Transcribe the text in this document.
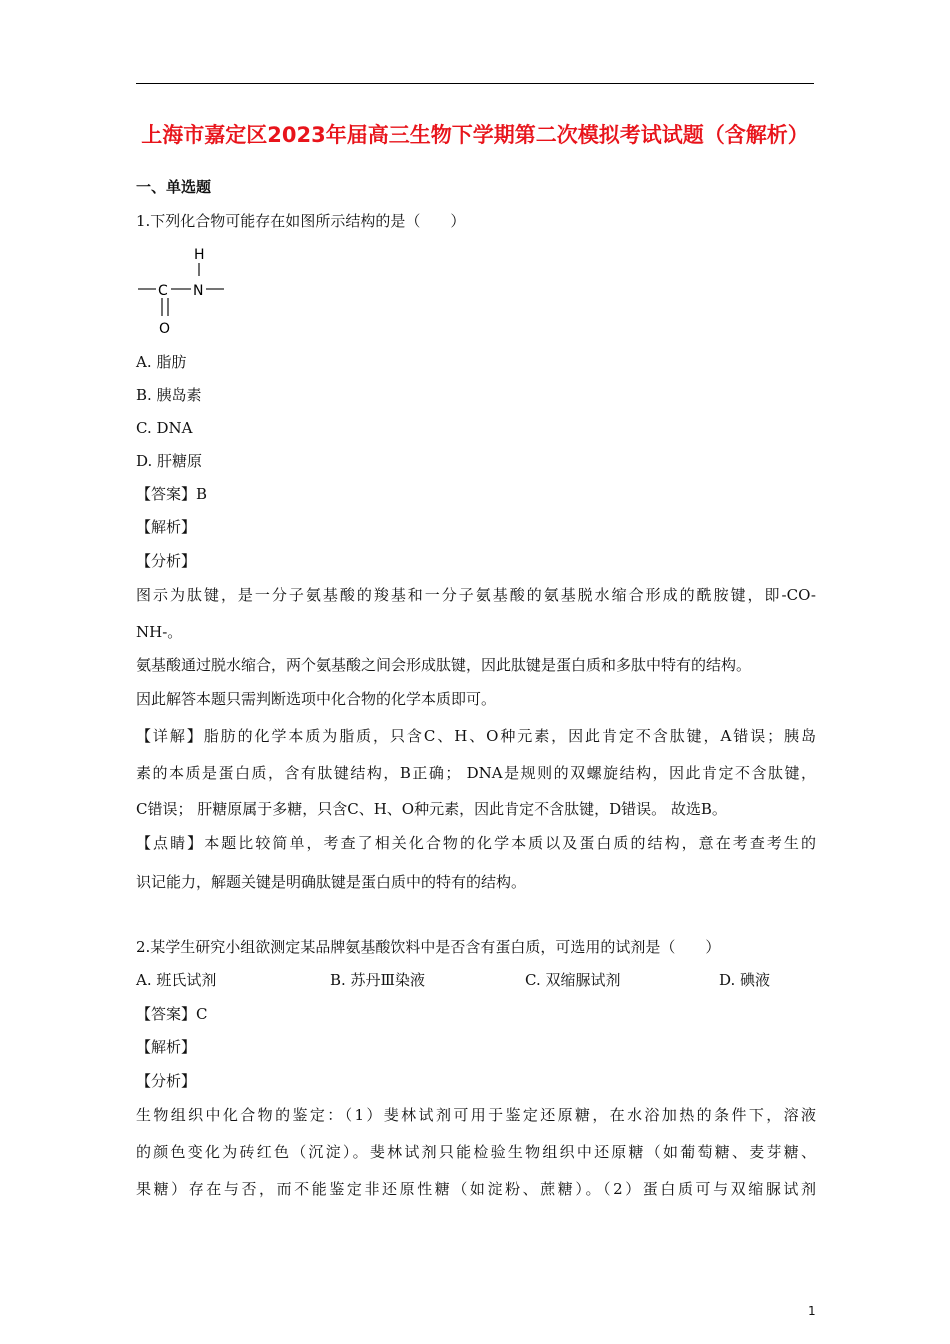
上海市嘉定区2023年届高三生物下学期第二次模拟考试试题（含解析）
一、单选题
1.下列化合物可能存在如图所示结构的是（　　）
H
C N
O
A. 脂肪
B. 胰岛素
C. DNA
D. 肝糖原
【答案】B
【解析】
【分析】
图示为肽键，是一分子氨基酸的羧基和一分子氨基酸的氨基脱水缩合形成的酰胺键，即-CO-
NH-。
氨基酸通过脱水缩合，两个氨基酸之间会形成肽键，因此肽键是蛋白质和多肽中特有的结构。
因此解答本题只需判断选项中化合物的化学本质即可。
【详解】脂肪的化学本质为脂质，只含C、H、O种元素，因此肯定不含肽键，A错误；胰岛
素的本质是蛋白质，含有肽键结构，B正确； DNA是规则的双螺旋结构，因此肯定不含肽键，
C错误； 肝糖原属于多糖，只含C、H、O种元素，因此肯定不含肽键，D错误。 故选B。
【点睛】本题比较简单，考查了相关化合物的化学本质以及蛋白质的结构，意在考查考生的
识记能力，解题关键是明确肽键是蛋白质中的特有的结构。
2.某学生研究小组欲测定某品牌氨基酸饮料中是否含有蛋白质，可选用的试剂是（　　）
A. 班氏试剂	B. 苏丹Ⅲ染液	C. 双缩脲试剂	D. 碘液
【答案】C
【解析】
【分析】
生物组织中化合物的鉴定：（1）斐林试剂可用于鉴定还原糖，在水浴加热的条件下，溶液
的颜色变化为砖红色（沉淀）。斐林试剂只能检验生物组织中还原糖（如葡萄糖、麦芽糖、
果糖）存在与否，而不能鉴定非还原性糖（如淀粉、蔗糖）。（2）蛋白质可与双缩脲试剂
1
